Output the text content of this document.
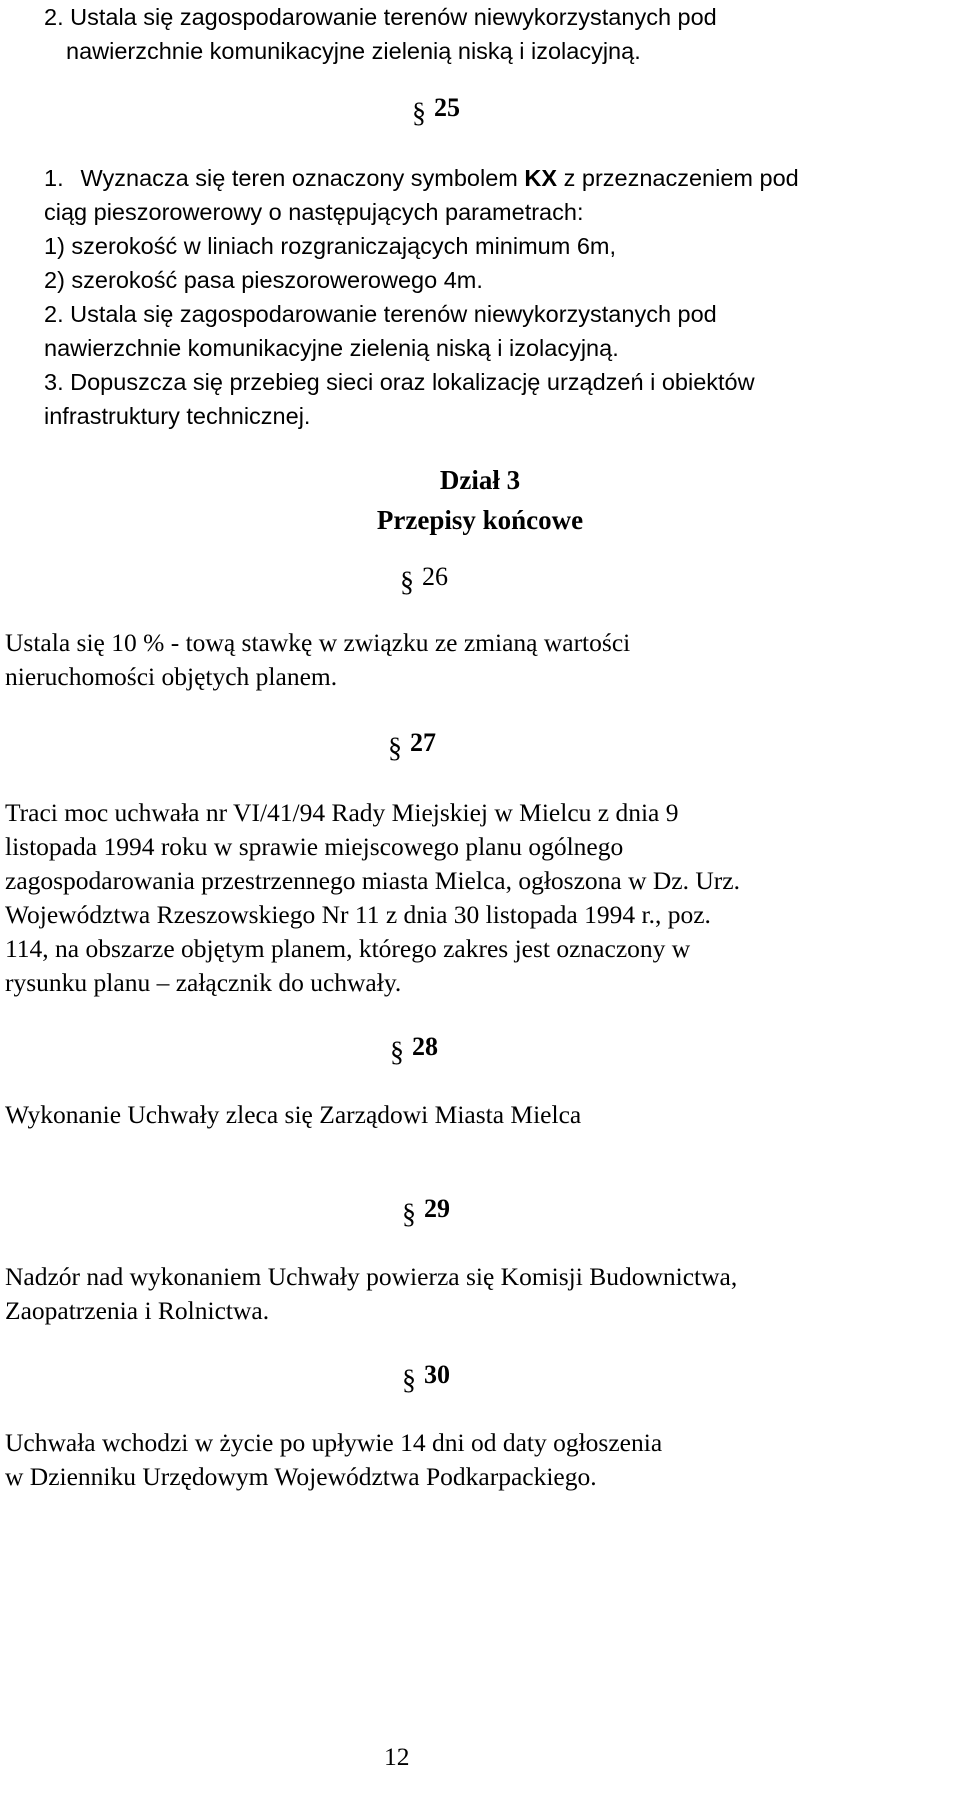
2. Ustala się zagospodarowanie terenów niewykorzystanych pod
nawierzchnie komunikacyjne zielenią niską i izolacyjną.
§ 25
1. Wyznacza się teren oznaczony symbolem KX z przeznaczeniem pod
ciąg pieszorowerowy o następujących parametrach:
1) szerokość w liniach rozgraniczających minimum 6m,
2) szerokość pasa pieszorowerowego 4m.
2. Ustala się zagospodarowanie terenów niewykorzystanych pod
nawierzchnie komunikacyjne zielenią niską i izolacyjną.
3. Dopuszcza się przebieg sieci oraz lokalizację urządzeń i obiektów
infrastruktury technicznej.
Dział 3
Przepisy końcowe
§ 26
Ustala się 10 % - tową stawkę w związku ze zmianą wartości
nieruchomości objętych planem.
§ 27
Traci moc uchwała nr VI/41/94 Rady Miejskiej w Mielcu z dnia 9
listopada 1994 roku w sprawie miejscowego planu ogólnego
zagospodarowania przestrzennego miasta Mielca, ogłoszona w Dz. Urz.
Województwa Rzeszowskiego Nr 11 z dnia 30 listopada 1994 r., poz.
114, na obszarze objętym planem, którego zakres jest oznaczony w
rysunku planu – załącznik do uchwały.
§ 28
Wykonanie Uchwały zleca się Zarządowi Miasta Mielca
§ 29
Nadzór nad wykonaniem Uchwały powierza się Komisji Budownictwa,
Zaopatrzenia i Rolnictwa.
§ 30
Uchwała wchodzi w życie po upływie 14 dni od daty ogłoszenia
w Dzienniku Urzędowym Województwa Podkarpackiego.
12
